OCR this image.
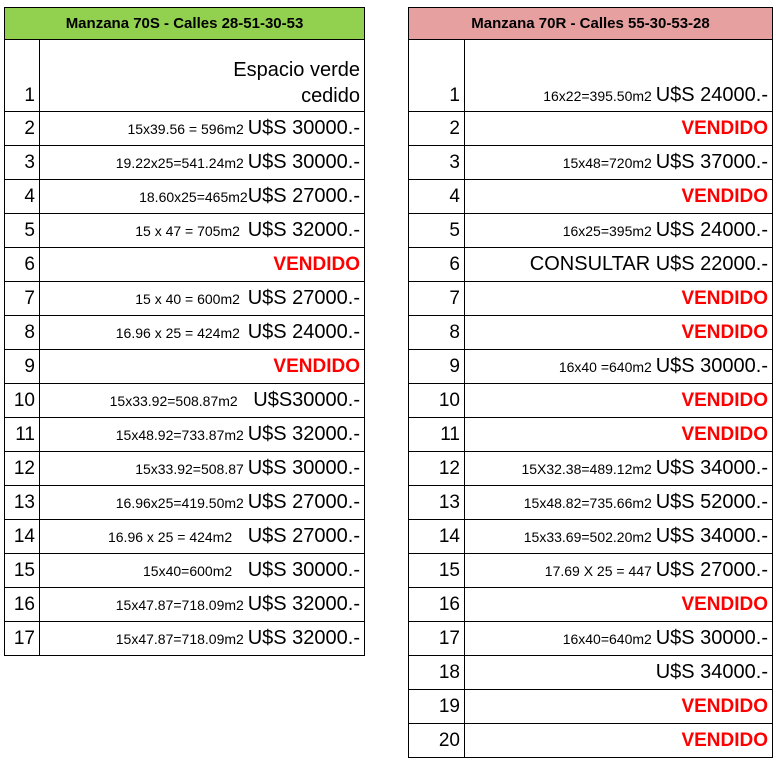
Manzana 70S - Calles 28-51-30-53	
1	Espacio verde
cedido

2	15x39.56 = 596m2 U$S 30000.-
3	19.22x25=541.24m2 U$S 30000.-
4	18.60x25=465m2U$S 27000.-
5	15 x 47 = 705m2  U$S 32000.-
6	VENDIDO
7	15 x 40 = 600m2  U$S 27000.-
8	16.96 x 25 = 424m2  U$S 24000.-
9	VENDIDO
10	15x33.92=508.87m2    U$S30000.-
11	15x48.92=733.87m2 U$S 32000.-
12	15x33.92=508.87 U$S 30000.-
13	16.96x25=419.50m2 U$S 27000.-
14	16.96 x 25 = 424m2    U$S 27000.-
15	15x40=600m2    U$S 30000.-
16	15x47.87=718.09m2 U$S 32000.-
17	15x47.87=718.09m2 U$S 32000.-
Manzana 70R - Calles 55-30-53-28	
1	16x22=395.50m2 U$S 24000.-
2	VENDIDO
3	15x48=720m2 U$S 37000.-
4	VENDIDO
5	16x25=395m2 U$S 24000.-
6	CONSULTAR U$S 22000.-
7	VENDIDO
8	VENDIDO
9	16x40 =640m2 U$S 30000.-
10	VENDIDO
11	VENDIDO
12	15X32.38=489.12m2 U$S 34000.-
13	15x48.82=735.66m2 U$S 52000.-
14	15x33.69=502.20m2 U$S 34000.-
15	17.69 X 25 = 447 U$S 27000.-
16	VENDIDO
17	16x40=640m2 U$S 30000.-
18	U$S 34000.-
19	VENDIDO
20	VENDIDO
